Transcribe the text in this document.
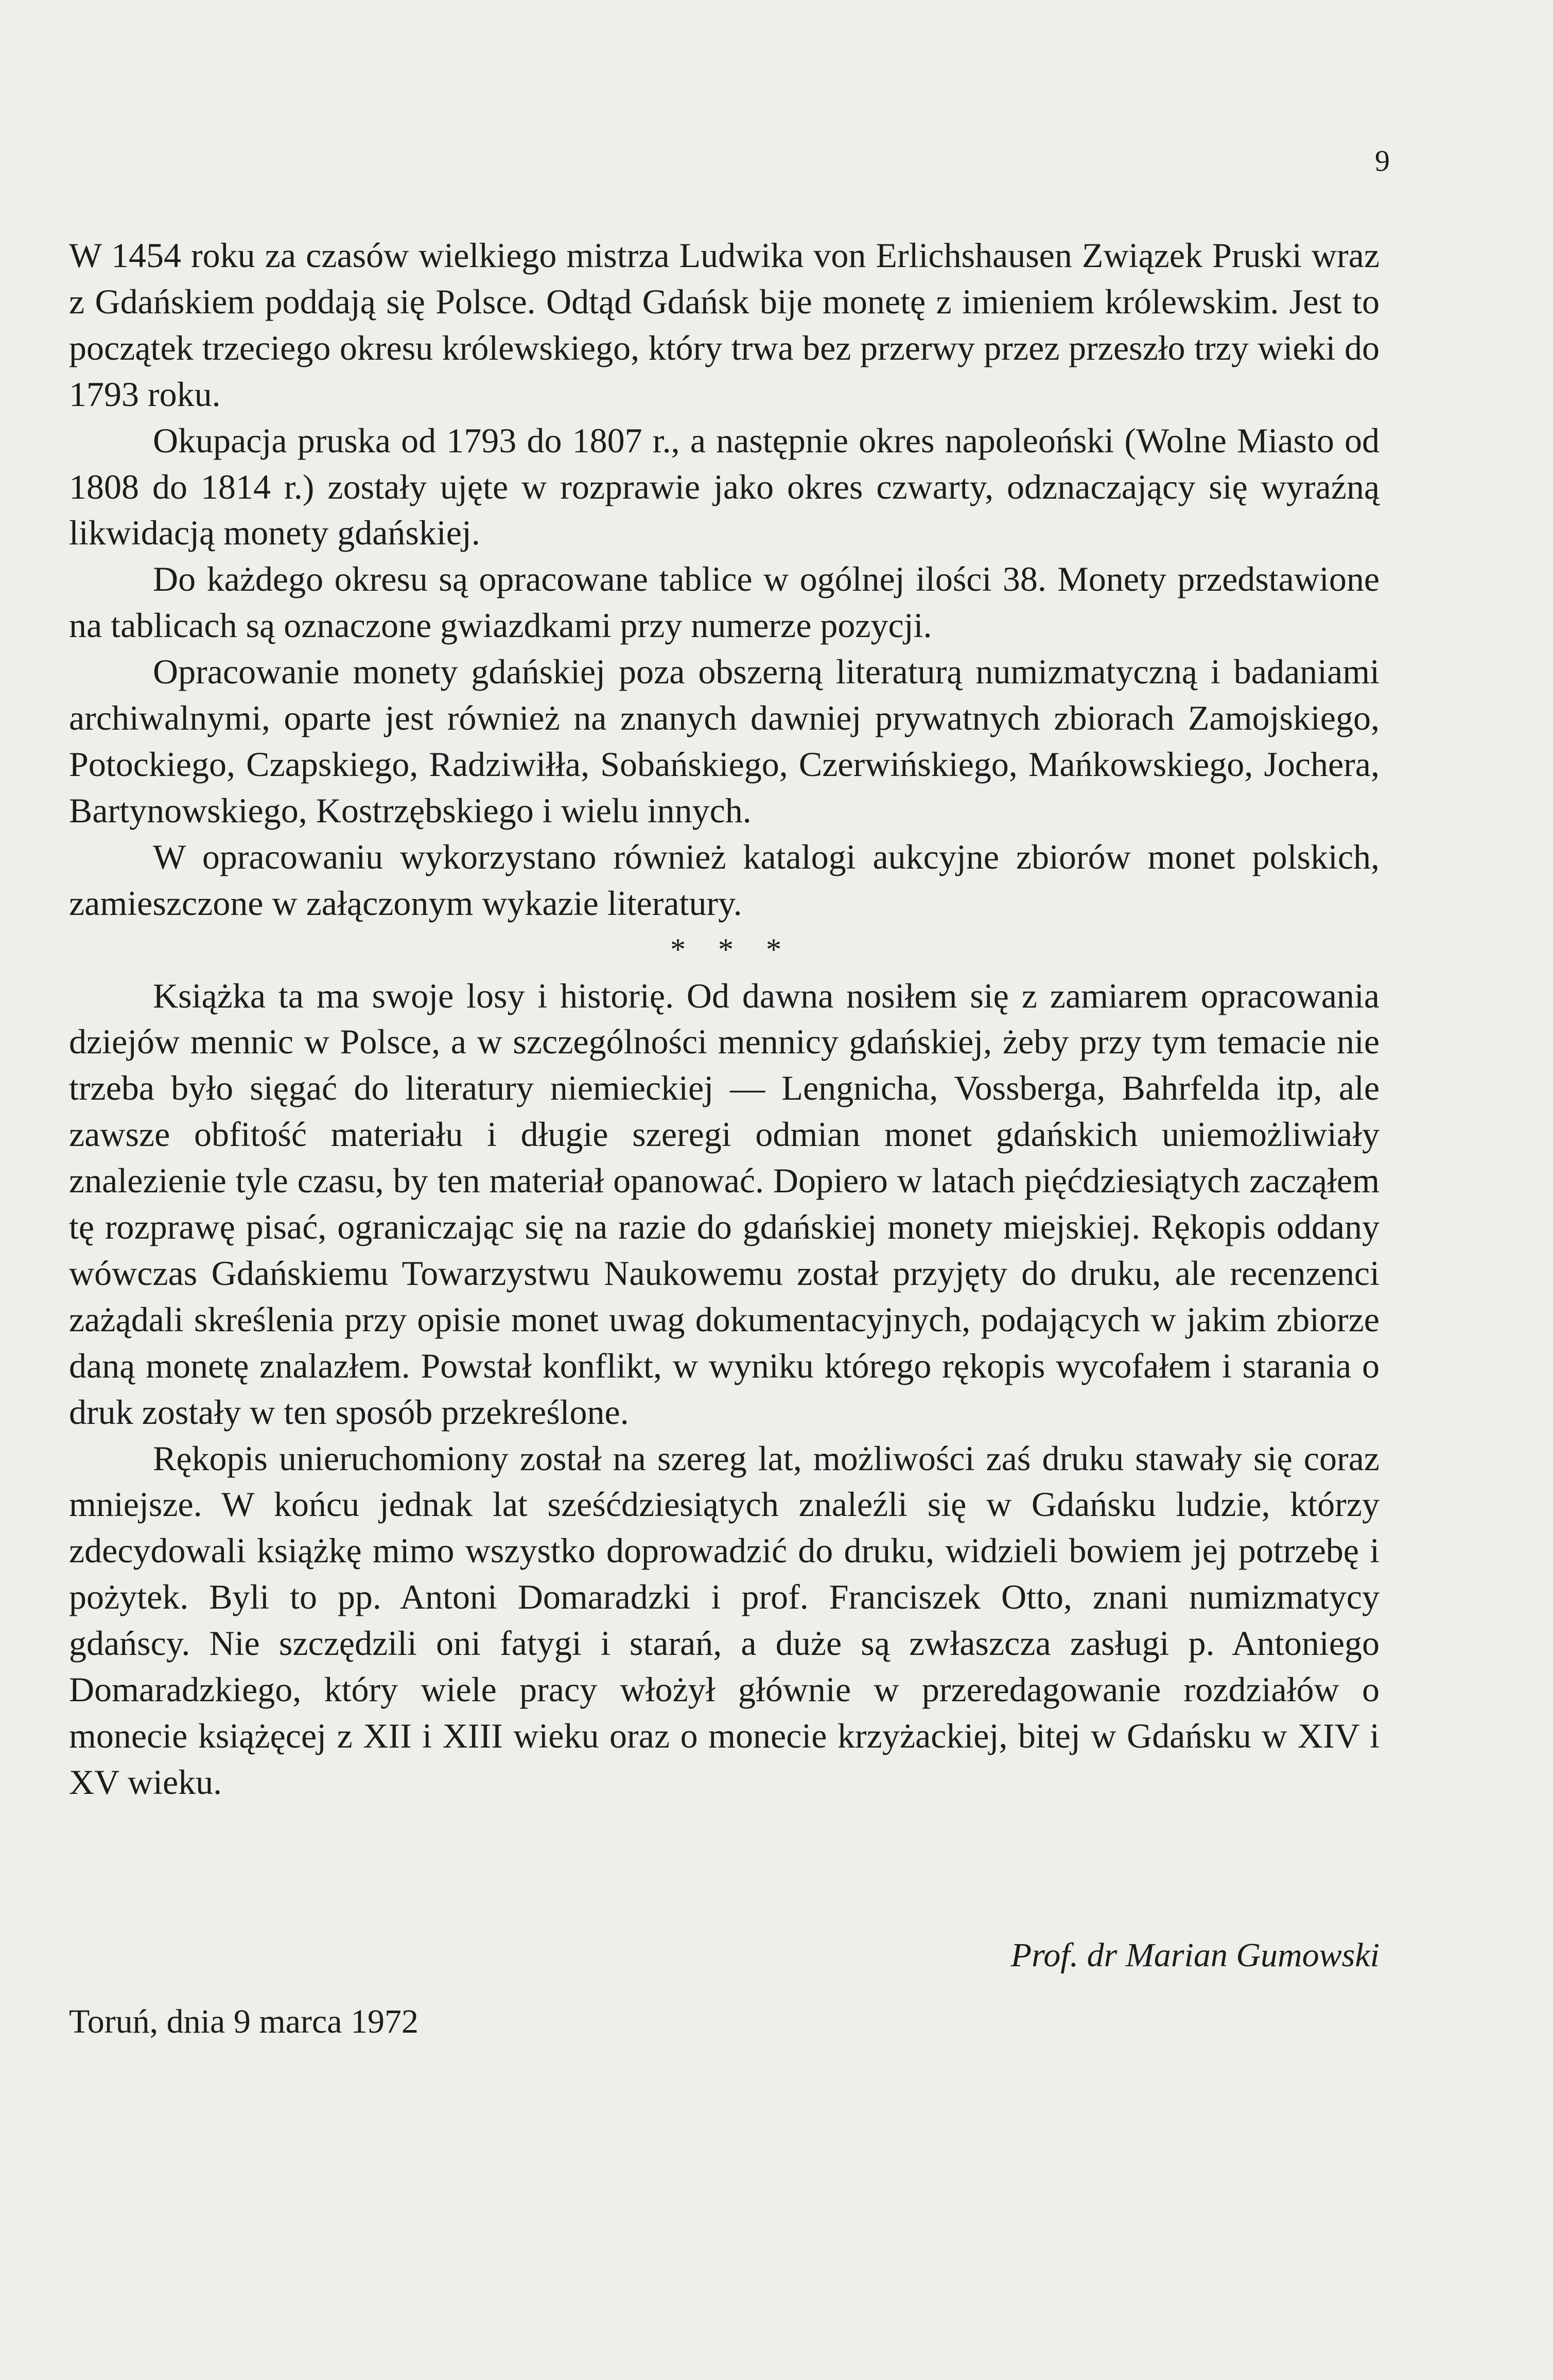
9

W 1454 roku za czasów wielkiego mistrza Ludwika von Erlichshausen Związek Pruski wraz z Gdańskiem poddają się Polsce. Odtąd Gdańsk bije monetę z imieniem królewskim. Jest to początek trzeciego okresu królewskiego, który trwa bez przerwy przez przeszło trzy wieki do 1793 roku.

Okupacja pruska od 1793 do 1807 r., a następnie okres napoleoński (Wolne Miasto od 1808 do 1814 r.) zostały ujęte w rozprawie jako okres czwarty, odznaczający się wyraźną likwidacją monety gdańskiej.

Do każdego okresu są opracowane tablice w ogólnej ilości 38. Monety przedstawione na tablicach są oznaczone gwiazdkami przy numerze pozycji.

Opracowanie monety gdańskiej poza obszerną literaturą numizmatyczną i badaniami archiwalnymi, oparte jest również na znanych dawniej prywatnych zbiorach Zamojskiego, Potockiego, Czapskiego, Radziwiłła, Sobańskiego, Czerwińskiego, Mańkowskiego, Jochera, Bartynowskiego, Kostrzębskiego i wielu innych.

W opracowaniu wykorzystano również katalogi aukcyjne zbiorów monet polskich, zamieszczone w załączonym wykazie literatury.

* * *

Książka ta ma swoje losy i historię. Od dawna nosiłem się z zamiarem opracowania dziejów mennic w Polsce, a w szczególności mennicy gdańskiej, żeby przy tym temacie nie trzeba było sięgać do literatury niemieckiej — Lengnicha, Vossberga, Bahrfelda itp, ale zawsze obfitość materiału i długie szeregi odmian monet gdańskich uniemożliwiały znalezienie tyle czasu, by ten materiał opanować. Dopiero w latach pięćdziesiątych zacząłem tę rozprawę pisać, ograniczając się na razie do gdańskiej monety miejskiej. Rękopis oddany wówczas Gdańskiemu Towarzystwu Naukowemu został przyjęty do druku, ale recenzenci zażądali skreślenia przy opisie monet uwag dokumentacyjnych, podających w jakim zbiorze daną monetę znalazłem. Powstał konflikt, w wyniku którego rękopis wycofałem i starania o druk zostały w ten sposób przekreślone.

Rękopis unieruchomiony został na szereg lat, możliwości zaś druku stawały się coraz mniejsze. W końcu jednak lat sześćdziesiątych znaleźli się w Gdańsku ludzie, którzy zdecydowali książkę mimo wszystko doprowadzić do druku, widzieli bowiem jej potrzebę i pożytek. Byli to pp. Antoni Domaradzki i prof. Franciszek Otto, znani numizmatycy gdańscy. Nie szczędzili oni fatygi i starań, a duże są zwłaszcza zasługi p. Antoniego Domaradzkiego, który wiele pracy włożył głównie w przeredagowanie rozdziałów o monecie książęcej z XII i XIII wieku oraz o monecie krzyżackiej, bitej w Gdańsku w XIV i XV wieku.

Prof. dr Marian Gumowski
Toruń, dnia 9 marca 1972
